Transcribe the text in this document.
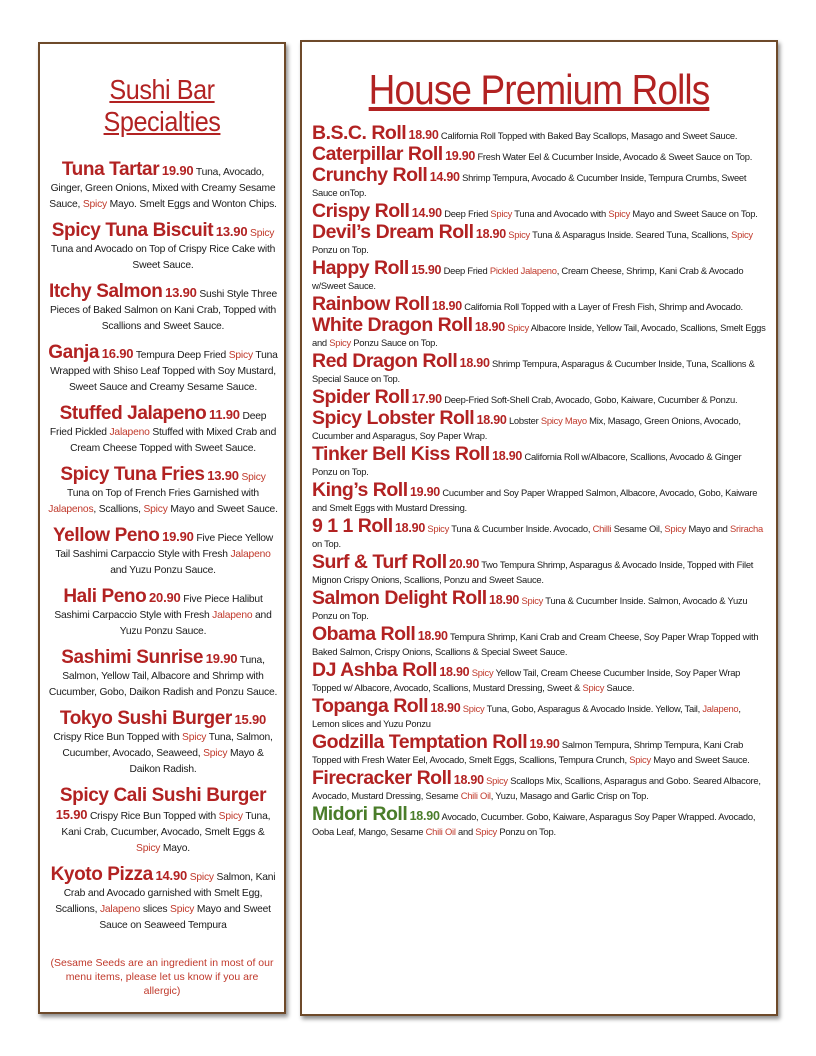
Sushi Bar Specialties
Tuna Tartar 19.90 Tuna, Avocado, Ginger, Green Onions, Mixed with Creamy Sesame Sauce, Spicy Mayo. Smelt Eggs and Wonton Chips.
Spicy Tuna Biscuit 13.90 Spicy Tuna and Avocado on Top of Crispy Rice Cake with Sweet Sauce.
Itchy Salmon 13.90 Sushi Style Three Pieces of Baked Salmon on Kani Crab, Topped with Scallions and Sweet Sauce.
Ganja 16.90 Tempura Deep Fried Spicy Tuna Wrapped with Shiso Leaf Topped with Soy Mustard, Sweet Sauce and Creamy Sesame Sauce.
Stuffed Jalapeno 11.90 Deep Fried Pickled Jalapeno Stuffed with Mixed Crab and Cream Cheese Topped with Sweet Sauce.
Spicy Tuna Fries 13.90 Spicy Tuna on Top of French Fries Garnished with Jalapenos, Scallions, Spicy Mayo and Sweet Sauce.
Yellow Peno 19.90 Five Piece Yellow Tail Sashimi Carpaccio Style with Fresh Jalapeno and Yuzu Ponzu Sauce.
Hali Peno 20.90 Five Piece Halibut Sashimi Carpaccio Style with Fresh Jalapeno and Yuzu Ponzu Sauce.
Sashimi Sunrise 19.90 Tuna, Salmon, Yellow Tail, Albacore and Shrimp with Cucumber, Gobo, Daikon Radish and Ponzu Sauce.
Tokyo Sushi Burger 15.90 Crispy Rice Bun Topped with Spicy Tuna, Salmon, Cucumber, Avocado, Seaweed, Spicy Mayo & Daikon Radish.
Spicy Cali Sushi Burger 15.90 Crispy Rice Bun Topped with Spicy Tuna, Kani Crab, Cucumber, Avocado, Smelt Eggs & Spicy Mayo.
Kyoto Pizza 14.90 Spicy Salmon, Kani Crab and Avocado garnished with Smelt Egg, Scallions, Jalapeno slices Spicy Mayo and Sweet Sauce on Seaweed Tempura
(Sesame Seeds are an ingredient in most of our menu items, please let us know if you are allergic)
House Premium Rolls
B.S.C. Roll 18.90 California Roll Topped with Baked Bay Scallops, Masago and Sweet Sauce.
Caterpillar Roll 19.90 Fresh Water Eel & Cucumber Inside, Avocado & Sweet Sauce on Top.
Crunchy Roll 14.90 Shrimp Tempura, Avocado & Cucumber Inside, Tempura Crumbs, Sweet Sauce onTop.
Crispy Roll 14.90 Deep Fried Spicy Tuna and Avocado with Spicy Mayo and Sweet Sauce on Top.
Devil’s Dream Roll 18.90 Spicy Tuna & Asparagus Inside. Seared Tuna, Scallions, Spicy Ponzu on Top.
Happy Roll 15.90 Deep Fried Pickled Jalapeno, Cream Cheese, Shrimp, Kani Crab & Avocado w/Sweet Sauce.
Rainbow Roll 18.90 California Roll Topped with a Layer of Fresh Fish, Shrimp and Avocado.
White Dragon Roll 18.90 Spicy Albacore Inside, Yellow Tail, Avocado, Scallions, Smelt Eggs and Spicy Ponzu Sauce on Top.
Red Dragon Roll 18.90 Shrimp Tempura, Asparagus & Cucumber Inside, Tuna, Scallions & Special Sauce on Top.
Spider Roll 17.90 Deep-Fried Soft-Shell Crab, Avocado, Gobo, Kaiware, Cucumber & Ponzu.
Spicy Lobster Roll 18.90 Lobster Spicy Mayo Mix, Masago, Green Onions, Avocado, Cucumber and Asparagus, Soy Paper Wrap.
Tinker Bell Kiss Roll 18.90 California Roll w/Albacore, Scallions, Avocado & Ginger Ponzu on Top.
King’s Roll 19.90 Cucumber and Soy Paper Wrapped Salmon, Albacore, Avocado, Gobo, Kaiware and Smelt Eggs with Mustard Dressing.
9 1 1 Roll 18.90 Spicy Tuna & Cucumber Inside. Avocado, Chilli Sesame Oil, Spicy Mayo and Sriracha on Top.
Surf & Turf Roll 20.90 Two Tempura Shrimp, Asparagus & Avocado Inside, Topped with Filet Mignon Crispy Onions, Scallions, Ponzu and Sweet Sauce.
Salmon Delight Roll 18.90 Spicy Tuna & Cucumber Inside. Salmon, Avocado & Yuzu Ponzu on Top.
Obama Roll 18.90 Tempura Shrimp, Kani Crab and Cream Cheese, Soy Paper Wrap Topped with Baked Salmon, Crispy Onions, Scallions & Special Sweet Sauce.
DJ Ashba Roll 18.90 Spicy Yellow Tail, Cream Cheese Cucumber Inside, Soy Paper Wrap Topped w/ Albacore, Avocado, Scallions, Mustard Dressing, Sweet & Spicy Sauce.
Topanga Roll 18.90 Spicy Tuna, Gobo, Asparagus & Avocado Inside. Yellow, Tail, Jalapeno, Lemon slices and Yuzu Ponzu
Godzilla Temptation Roll 19.90 Salmon Tempura, Shrimp Tempura, Kani Crab Topped with Fresh Water Eel, Avocado, Smelt Eggs, Scallions, Tempura Crunch, Spicy Mayo and Sweet Sauce.
Firecracker Roll 18.90 Spicy Scallops Mix, Scallions, Asparagus and Gobo. Seared Albacore, Avocado, Mustard Dressing, Sesame Chili Oil, Yuzu, Masago and Garlic Crisp on Top.
Midori Roll 18.90 Avocado, Cucumber. Gobo, Kaiware, Asparagus Soy Paper Wrapped. Avocado, Ooba Leaf, Mango, Sesame Chili Oil and Spicy Ponzu on Top.
